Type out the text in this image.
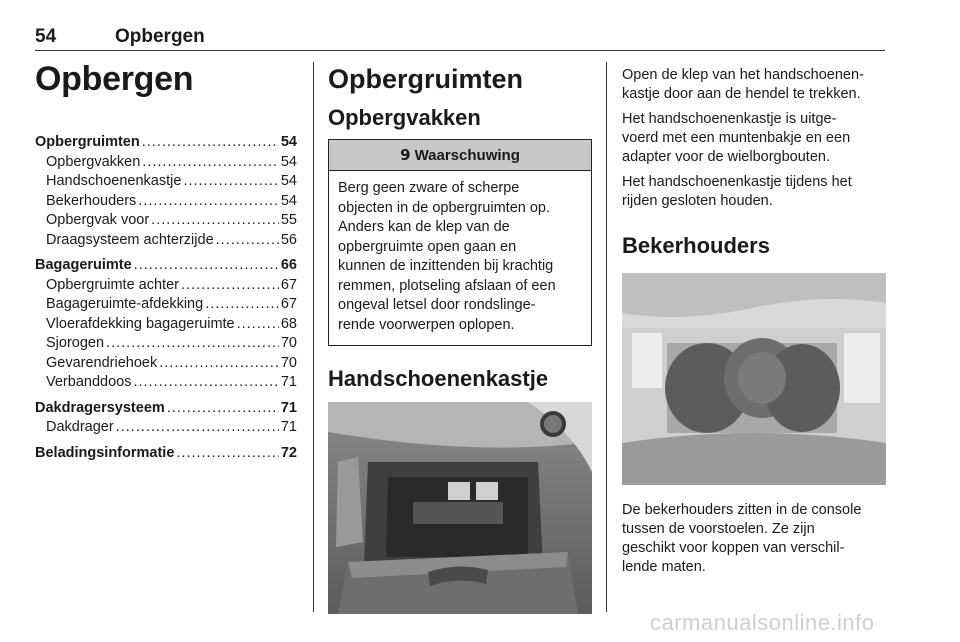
54	Opbergen
Opbergen
Opbergruimten .....	54
Opbergvakken .....	54
Handschoenenkastje .....	54
Bekerhouders .....	54
Opbergvak voor .....	55
Draagsysteem achterzijde .....	56
Bagageruimte .....	66
Opbergruimte achter .....	67
Bagageruimte-afdekking .....	67
Vloerafdekking bagageruimte .....	68
Sjorogen .....	70
Gevarendriehoek .....	70
Verbanddoos .....	71
Dakdragersysteem .....	71
Dakdrager .....	71
Beladingsinformatie .....	72
Opbergruimten
Opbergvakken
9 Waarschuwing
Berg geen zware of scherpe
objecten in de opbergruimten op.
Anders kan de klep van de
opbergruimte open gaan en
kunnen de inzittenden bij krachtig
remmen, plotseling afslaan of een
ongeval letsel door rondslinge-
rende voorwerpen oplopen.
Handschoenenkastje
Open de klep van het handschoenen-
kastje door aan de hendel te trekken.
Het handschoenenkastje is uitge-
voerd met een muntenbakje en een
adapter voor de wielborgbouten.
Het handschoenenkastje tijdens het
rijden gesloten houden.
Bekerhouders
De bekerhouders zitten in de console
tussen de voorstoelen. Ze zijn
geschikt voor koppen van verschil-
lende maten.
carmanualsonline.info
